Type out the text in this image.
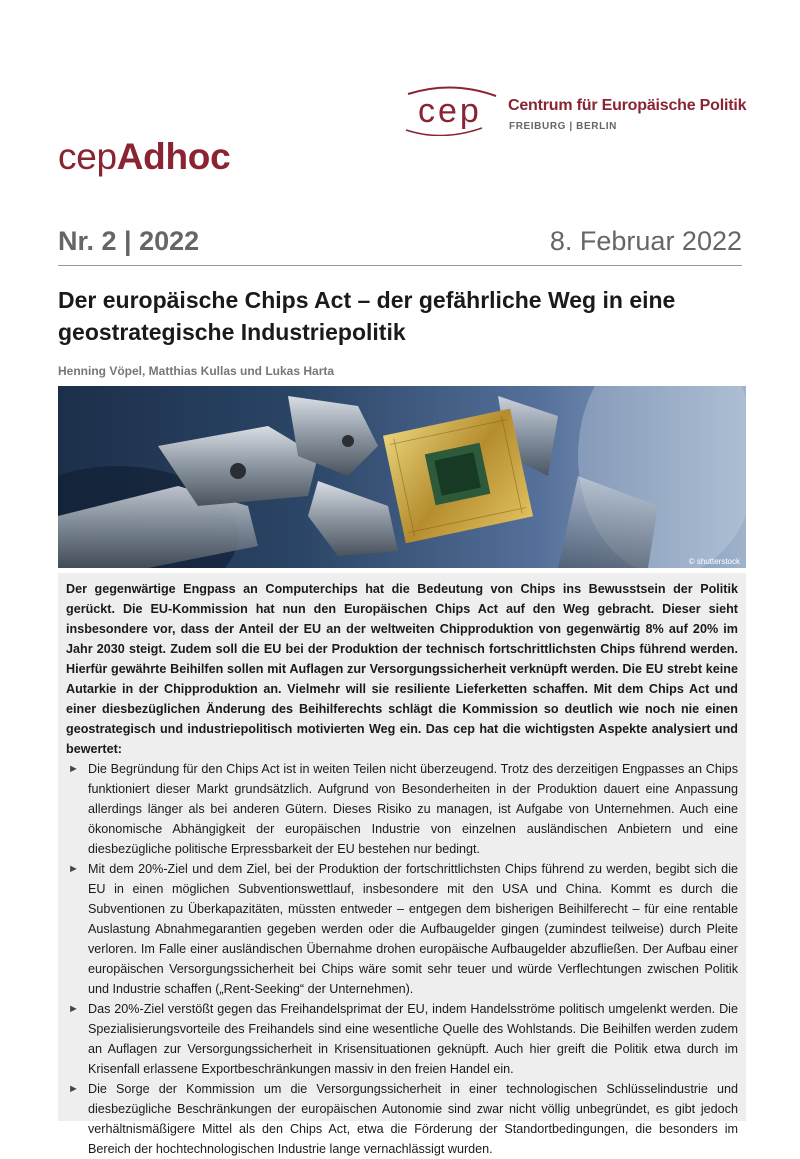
cep Centrum für Europäische Politik
FREIBURG | BERLIN
cepAdhoc
Nr. 2 | 2022	8. Februar 2022
Der europäische Chips Act – der gefährliche Weg in eine geostrategische Industriepolitik
Henning Vöpel, Matthias Kullas und Lukas Harta
© shutterstock

Der gegenwärtige Engpass an Computerchips hat die Bedeutung von Chips ins Bewusstsein der Politik gerückt. Die EU-Kommission hat nun den Europäischen Chips Act auf den Weg gebracht. Dieser sieht insbesondere vor, dass der Anteil der EU an der weltweiten Chipproduktion von gegenwärtig 8% auf 20% im Jahr 2030 steigt. Zudem soll die EU bei der Produktion der technisch fortschrittlichsten Chips führend werden. Hierfür gewährte Beihilfen sollen mit Auflagen zur Versorgungssicherheit verknüpft werden. Die EU strebt keine Autarkie in der Chipproduktion an. Vielmehr will sie resiliente Lieferketten schaffen. Mit dem Chips Act und einer diesbezüglichen Änderung des Beihilferechts schlägt die Kommission so deutlich wie noch nie einen geostrategisch und industriepolitisch motivierten Weg ein. Das cep hat die wichtigsten Aspekte analysiert und bewertet:

► Die Begründung für den Chips Act ist in weiten Teilen nicht überzeugend. Trotz des derzeitigen Engpasses an Chips funktioniert dieser Markt grundsätzlich. Aufgrund von Besonderheiten in der Produktion dauert eine Anpassung allerdings länger als bei anderen Gütern. Dieses Risiko zu managen, ist Aufgabe von Unternehmen. Auch eine ökonomische Abhängigkeit der europäischen Industrie von einzelnen ausländischen Anbietern und eine diesbezügliche politische Erpressbarkeit der EU bestehen nur bedingt.
► Mit dem 20%-Ziel und dem Ziel, bei der Produktion der fortschrittlichsten Chips führend zu werden, begibt sich die EU in einen möglichen Subventionswettlauf, insbesondere mit den USA und China. Kommt es durch die Subventionen zu Überkapazitäten, müssten entweder – entgegen dem bisherigen Beihilferecht – für eine rentable Auslastung Abnahmegarantien gegeben werden oder die Aufbaugelder gingen (zumindest teilweise) durch Pleite verloren. Im Falle einer ausländischen Übernahme drohen europäische Aufbaugelder abzufließen. Der Aufbau einer europäischen Versorgungssicherheit bei Chips wäre somit sehr teuer und würde Verflechtungen zwischen Politik und Industrie schaffen („Rent-Seeking“ der Unternehmen).
► Das 20%-Ziel verstößt gegen das Freihandelsprimat der EU, indem Handelsströme politisch umgelenkt werden. Die Spezialisierungsvorteile des Freihandels sind eine wesentliche Quelle des Wohlstands. Die Beihilfen werden zudem an Auflagen zur Versorgungssicherheit in Krisensituationen geknüpft. Auch hier greift die Politik etwa durch im Krisenfall erlassene Exportbeschränkungen massiv in den freien Handel ein.
► Die Sorge der Kommission um die Versorgungssicherheit in einer technologischen Schlüsselindustrie und diesbezügliche Beschränkungen der europäischen Autonomie sind zwar nicht völlig unbegründet, es gibt jedoch verhältnismäßigere Mittel als den Chips Act, etwa die Förderung der Standortbedingungen, die besonders im Bereich der hochtechnologischen Industrie lange vernachlässigt wurden.
